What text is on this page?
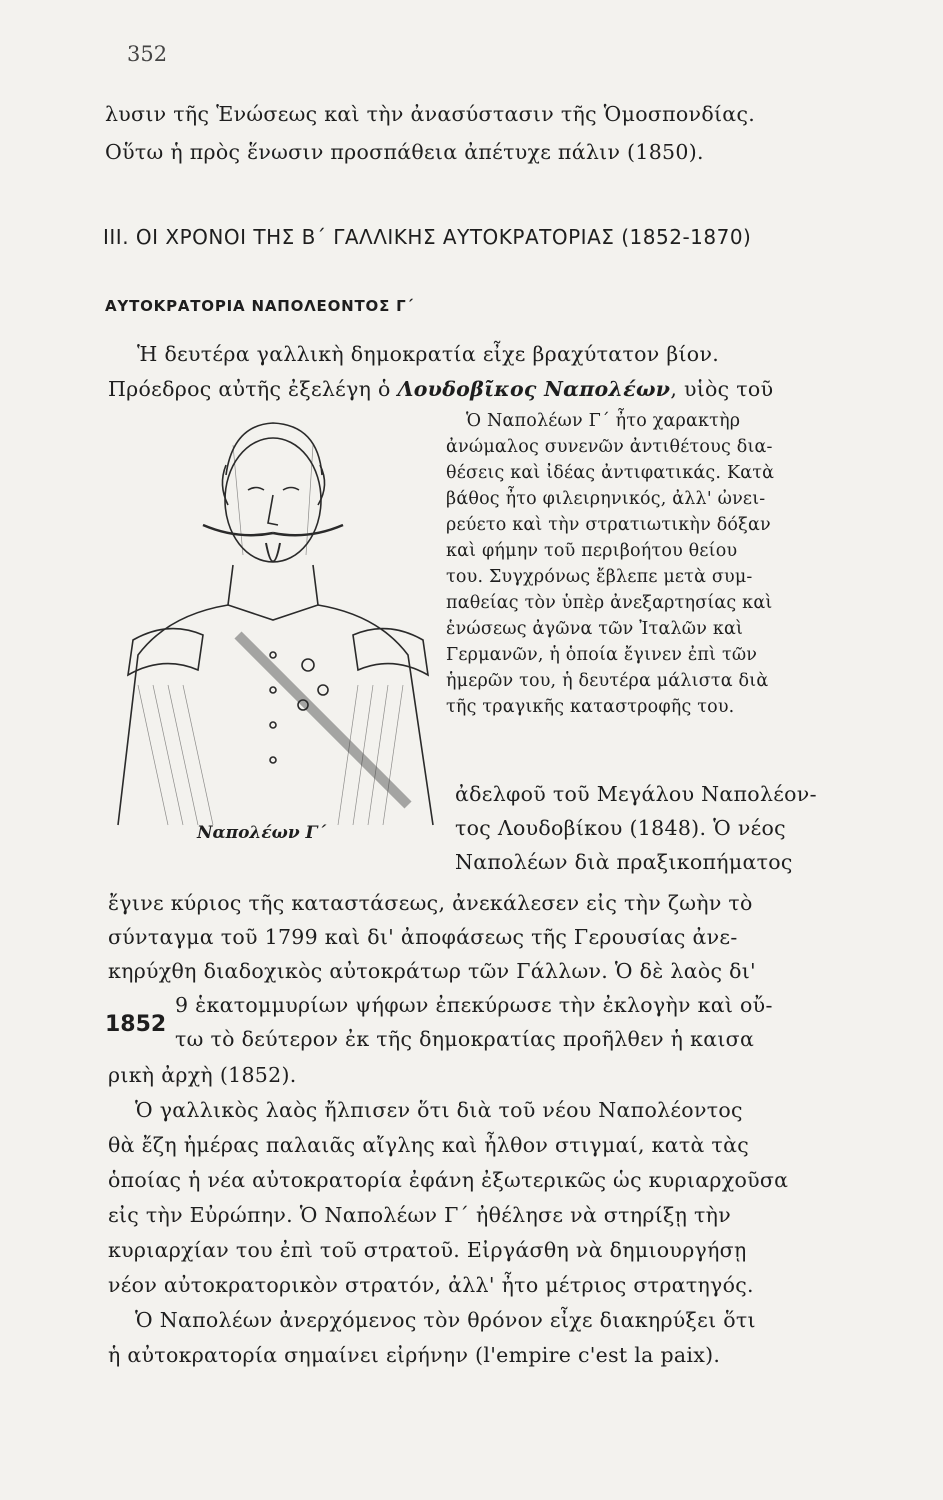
352
λυσιν τῆς Ἑνώσεως καὶ τὴν ἀνασύστασιν τῆς Ὁμοσπονδίας.
Οὕτω ἡ πρὸς ἕνωσιν προσπάθεια ἀπέτυχε πάλιν (1850).
III. ΟΙ ΧΡΟΝΟΙ ΤΗΣ Β΄ ΓΑΛΛΙΚΗΣ ΑΥΤΟΚΡΑΤΟΡΙΑΣ (1852-1870)
ΑΥΤΟΚΡΑΤΟΡΙΑ ΝΑΠΟΛΕΟΝΤΟΣ Γ΄
Ἡ δευτέρα γαλλικὴ δημοκρατία εἶχε βραχύτατον βίον.
Πρόεδρος αὐτῆς ἐξελέγη ὁ Λουδοβῖκος Ναπολέων, υἱὸς τοῦ
Ναπολέων Γ΄
Ὁ Ναπολέων Γ΄ ἦτο χαρακτὴρ
ἀνώμαλος συνενῶν ἀντιθέτους δια-
θέσεις καὶ ἰδέας ἀντιφατικάς. Κατὰ
βάθος ἦτο φιλειρηνικός, ἀλλ' ὠνει-
ρεύετο καὶ τὴν στρατιωτικὴν δόξαν
καὶ φήμην τοῦ περιβοήτου θείου
του. Συγχρόνως ἔβλεπε μετὰ συμ-
παθείας τὸν ὑπὲρ ἀνεξαρτησίας καὶ
ἑνώσεως ἀγῶνα τῶν Ἰταλῶν καὶ
Γερμανῶν, ἡ ὁποία ἔγινεν ἐπὶ τῶν
ἡμερῶν του, ἡ δευτέρα μάλιστα διὰ
τῆς τραγικῆς καταστροφῆς του.
ἀδελφοῦ τοῦ Μεγάλου Ναπολέον-
τος Λουδοβίκου (1848). Ὁ νέος
Ναπολέων διὰ πραξικοπήματος
ἔγινε κύριος τῆς καταστάσεως, ἀνεκάλεσεν εἰς τὴν ζωὴν τὸ
σύνταγμα τοῦ 1799 καὶ δι' ἀποφάσεως τῆς Γερουσίας ἀνε-
κηρύχθη διαδοχικὸς αὐτοκράτωρ τῶν Γάλλων. Ὁ δὲ λαὸς δι'
1852
9 ἑκατομμυρίων ψήφων ἐπεκύρωσε τὴν ἐκλογὴν καὶ οὔ-
τω τὸ δεύτερον ἐκ τῆς δημοκρατίας προῆλθεν ἡ καισα
ρικὴ ἀρχὴ (1852).
Ὁ γαλλικὸς λαὸς ἤλπισεν ὅτι διὰ τοῦ νέου Ναπολέοντος
θὰ ἔζη ἡμέρας παλαιᾶς αἴγλης καὶ ἦλθον στιγμαί, κατὰ τὰς
ὁποίας ἡ νέα αὐτοκρατορία ἐφάνη ἐξωτερικῶς ὡς κυριαρχοῦσα
εἰς τὴν Εὐρώπην. Ὁ Ναπολέων Γ΄ ἠθέλησε νὰ στηρίξῃ τὴν
κυριαρχίαν του ἐπὶ τοῦ στρατοῦ. Εἰργάσθη νὰ δημιουργήσῃ
νέον αὐτοκρατορικὸν στρατόν, ἀλλ' ἦτο μέτριος στρατηγός.
Ὁ Ναπολέων ἀνερχόμενος τὸν θρόνον εἶχε διακηρύξει ὅτι
ἡ αὐτοκρατορία σημαίνει εἰρήνην (l'empire c'est la paix).
